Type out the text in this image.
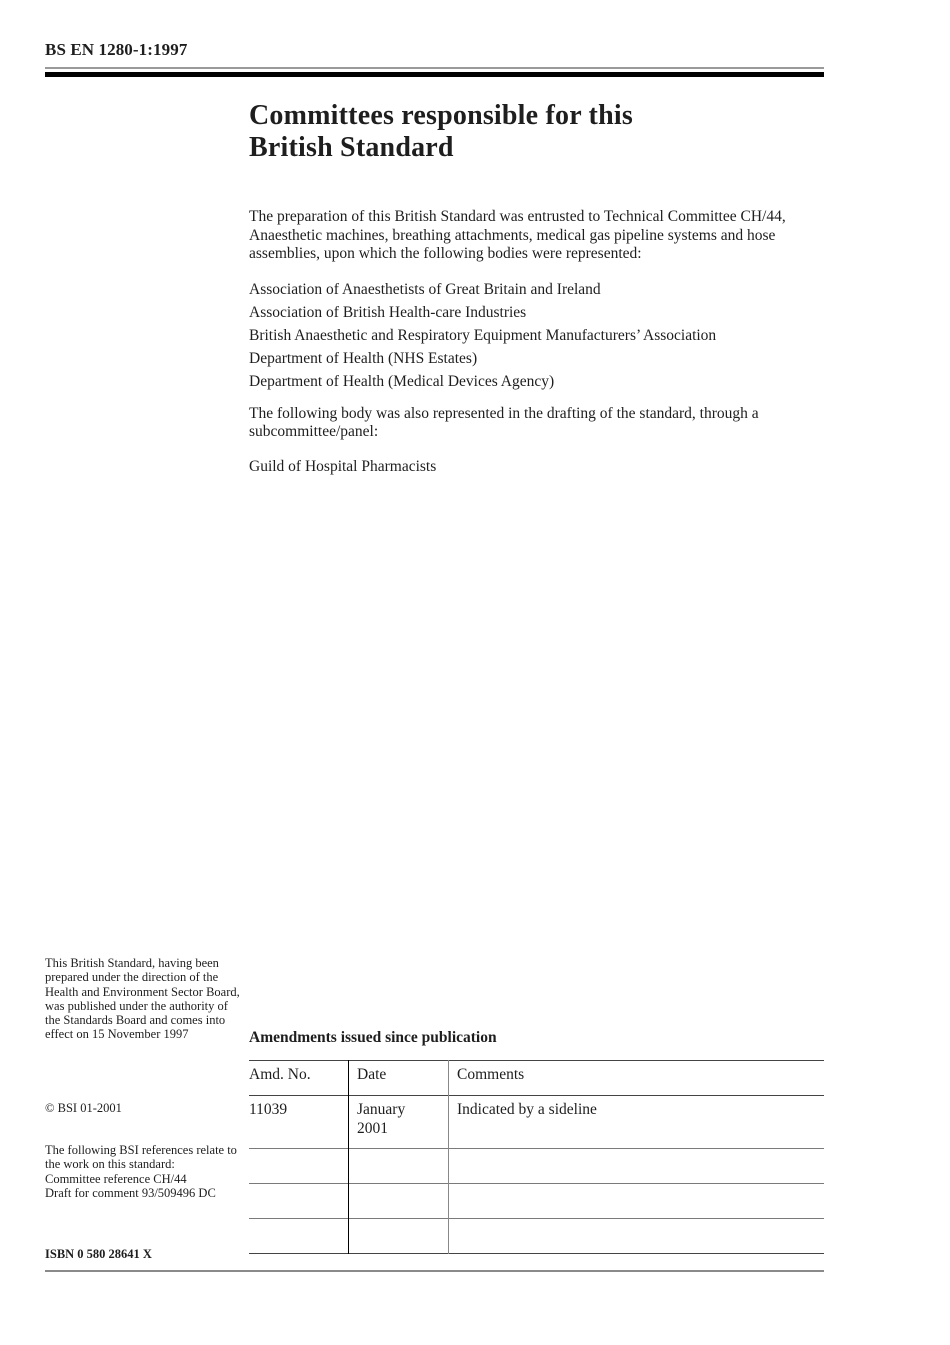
BS EN 1280-1:1997
Committees responsible for this
British Standard

The preparation of this British Standard was entrusted to Technical Committee CH/44, Anaesthetic machines, breathing attachments, medical gas pipeline systems and hose assemblies, upon which the following bodies were represented:

Association of Anaesthetists of Great Britain and Ireland
Association of British Health-care Industries
British Anaesthetic and Respiratory Equipment Manufacturers’ Association
Department of Health (NHS Estates)
Department of Health (Medical Devices Agency)

The following body was also represented in the drafting of the standard, through a subcommittee/panel:

Guild of Hospital Pharmacists
This British Standard, having been prepared under the direction of the Health and Environment Sector Board, was published under the authority of the Standards Board and comes into effect on 15 November 1997
© BSI 01-2001
The following BSI references relate to the work on this standard:
Committee reference CH/44
Draft for comment 93/509496 DC
ISBN 0 580 28641 X
Amendments issued since publication
Amd. No.	Date	Comments
11039	January 2001	Indicated by a sideline
